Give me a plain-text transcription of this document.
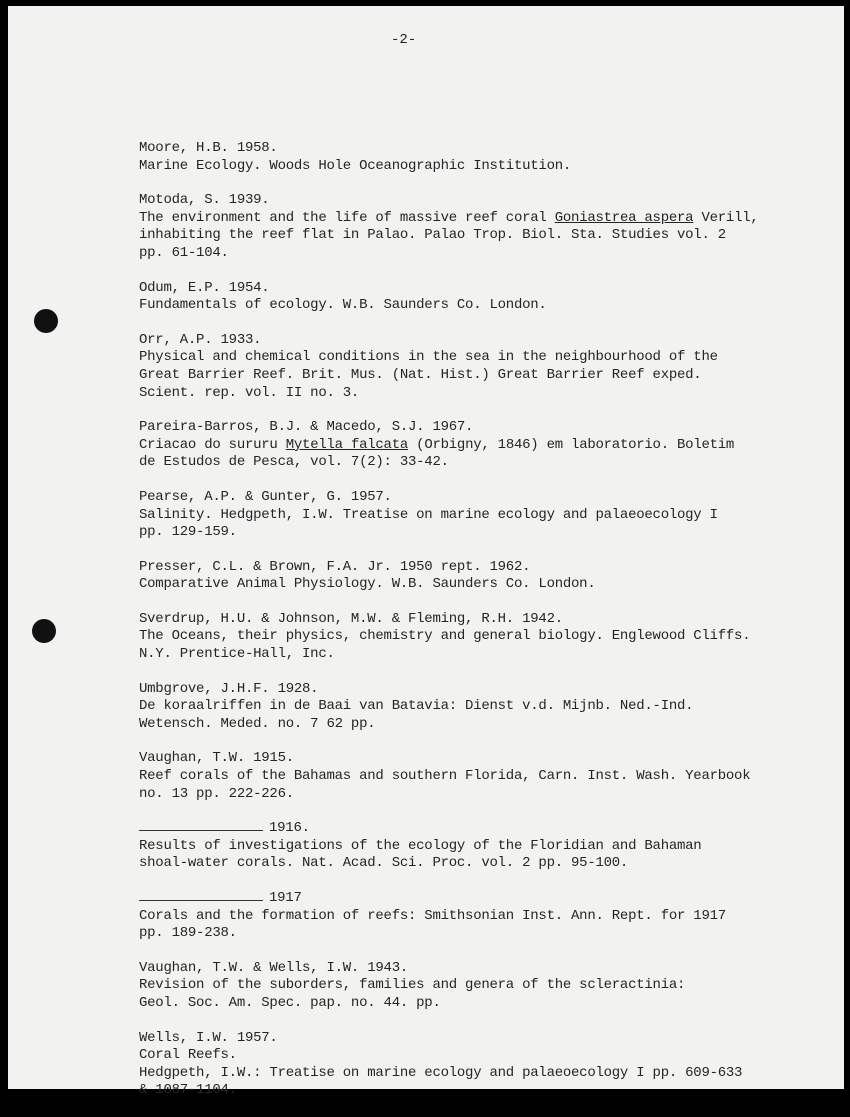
-2-
Moore, H.B. 1958.
Marine Ecology. Woods Hole Oceanographic Institution.
Motoda, S. 1939.
The environment and the life of massive reef coral Goniastrea aspera Verill,
inhabiting the reef flat in Palao. Palao Trop. Biol. Sta. Studies vol. 2
pp. 61-104.
Odum, E.P. 1954.
Fundamentals of ecology. W.B. Saunders Co. London.
Orr, A.P. 1933.
Physical and chemical conditions in the sea in the neighbourhood of the
Great Barrier Reef. Brit. Mus. (Nat. Hist.) Great Barrier Reef exped.
Scient. rep. vol. II no. 3.
Pareira-Barros, B.J. & Macedo, S.J. 1967.
Criacao do sururu Mytella falcata (Orbigny, 1846) em laboratorio. Boletim
de Estudos de Pesca, vol. 7(2): 33-42.
Pearse, A.P. & Gunter, G. 1957.
Salinity. Hedgpeth, I.W. Treatise on marine ecology and palaeoecology I
pp. 129-159.
Presser, C.L. & Brown, F.A. Jr. 1950 rept. 1962.
Comparative Animal Physiology. W.B. Saunders Co. London.
Sverdrup, H.U. & Johnson, M.W. & Fleming, R.H. 1942.
The Oceans, their physics, chemistry and general biology. Englewood Cliffs.
N.Y. Prentice-Hall, Inc.
Umbgrove, J.H.F. 1928.
De koraalriffen in de Baai van Batavia: Dienst v.d. Mijnb. Ned.-Ind.
Wetensch. Meded. no. 7 62 pp.
Vaughan, T.W. 1915.
Reef corals of the Bahamas and southern Florida, Carn. Inst. Wash. Yearbook
no. 13 pp. 222-226.
1916.
Results of investigations of the ecology of the Floridian and Bahaman
shoal-water corals. Nat. Acad. Sci. Proc. vol. 2 pp. 95-100.
1917
Corals and the formation of reefs: Smithsonian Inst. Ann. Rept. for 1917
pp. 189-238.
Vaughan, T.W. & Wells, I.W. 1943.
Revision of the suborders, families and genera of the scleractinia:
Geol. Soc. Am. Spec. pap. no. 44. pp.
Wells, I.W. 1957.
Coral Reefs.
Hedgpeth, I.W.: Treatise on marine ecology and palaeoecology I pp. 609-633
& 1087-1104.
